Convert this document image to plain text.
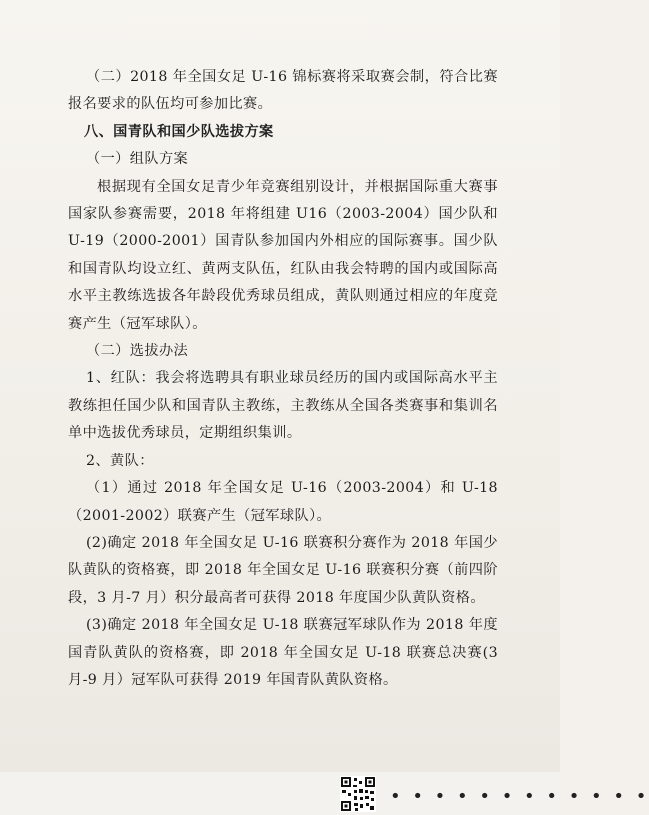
（二）2018 年全国女足 U-16 锦标赛将采取赛会制，符合比赛报名要求的队伍均可参加比赛。

八、国青队和国少队选拔方案

（一）组队方案

根据现有全国女足青少年竞赛组别设计，并根据国际重大赛事国家队参赛需要，2018 年将组建 U16（2003-2004）国少队和 U-19（2000-2001）国青队参加国内外相应的国际赛事。国少队和国青队均设立红、黄两支队伍，红队由我会特聘的国内或国际高水平主教练选拔各年龄段优秀球员组成，黄队则通过相应的年度竞赛产生（冠军球队）。

（二）选拔办法

1、红队：我会将选聘具有职业球员经历的国内或国际高水平主教练担任国少队和国青队主教练，主教练从全国各类赛事和集训名单中选拔优秀球员，定期组织集训。

2、黄队：

（1）通过 2018 年全国女足 U-16（2003-2004）和 U-18（2001-2002）联赛产生（冠军球队）。

(2)确定 2018 年全国女足 U-16 联赛积分赛作为 2018 年国少队黄队的资格赛，即 2018 年全国女足 U-16 联赛积分赛（前四阶段，3 月-7 月）积分最高者可获得 2018 年度国少队黄队资格。

(3)确定 2018 年全国女足 U-18 联赛冠军球队作为 2018 年度国青队黄队的资格赛，即 2018 年全国女足 U-18 联赛总决赛(3 月-9 月）冠军队可获得 2019 年国青队黄队资格。

• • • • • • • • • • • •
